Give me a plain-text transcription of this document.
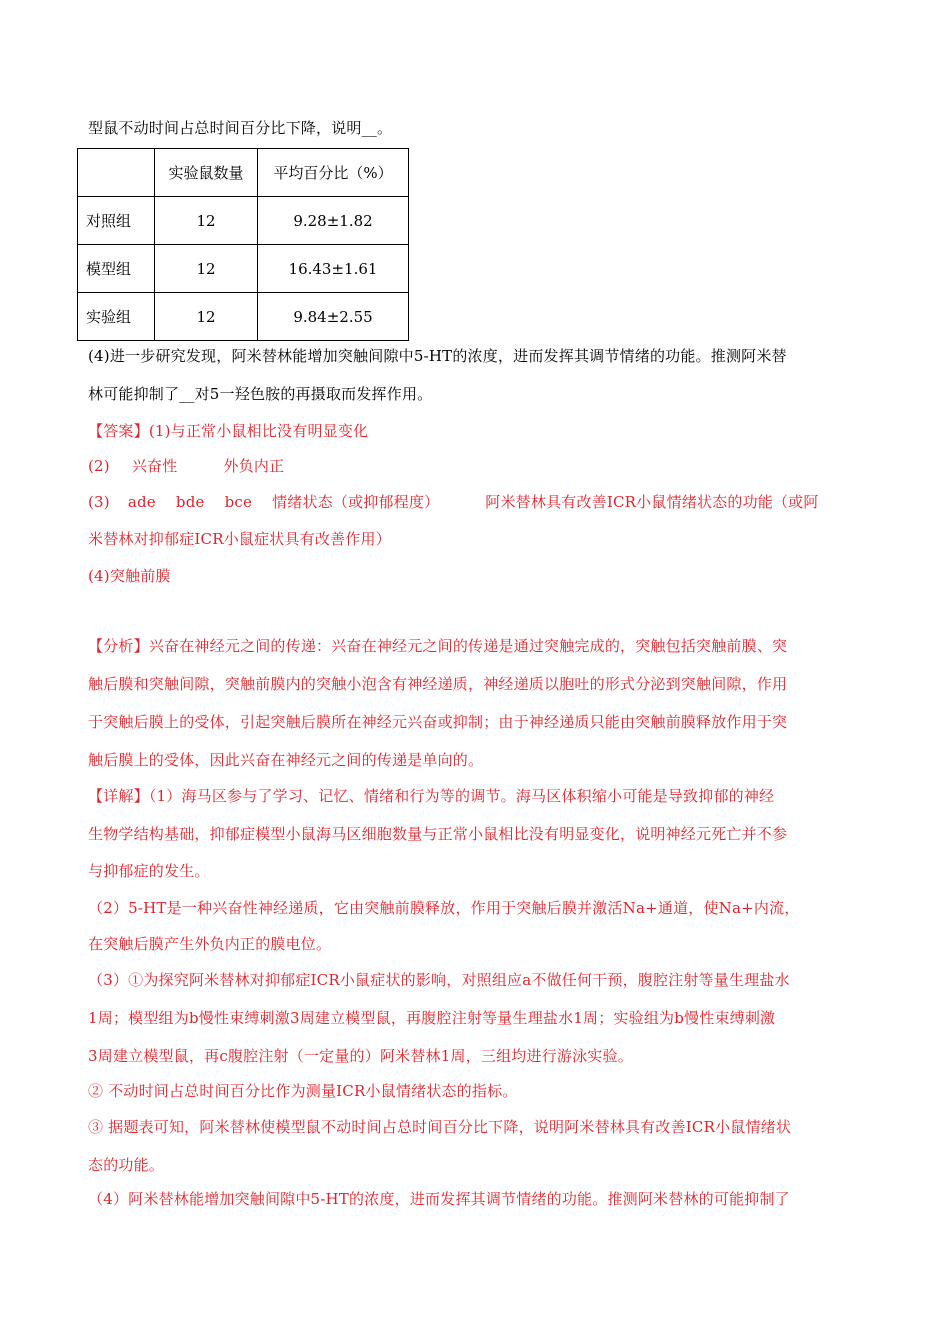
型鼠不动时间占总时间百分比下降，说明__。
	实验鼠数量	平均百分比（%）
对照组	12	9.28±1.82
模型组	12	16.43±1.61
实验组	12	9.84±2.55
(4)进一步研究发现，阿米替林能增加突触间隙中5-HT的浓度，进而发挥其调节情绪的功能。推测阿米替
林可能抑制了__对5一羟色胺的再摄取而发挥作用。
【答案】(1)与正常小鼠相比没有明显变化
(2) 兴奋性	外负内正
(3) ade bde bce 情绪状态（或抑郁程度）	阿米替林具有改善ICR小鼠情绪状态的功能（或阿
米替林对抑郁症ICR小鼠症状具有改善作用）
(4)突触前膜
【分析】兴奋在神经元之间的传递：兴奋在神经元之间的传递是通过突触完成的，突触包括突触前膜、突
触后膜和突触间隙，突触前膜内的突触小泡含有神经递质，神经递质以胞吐的形式分泌到突触间隙，作用
于突触后膜上的受体，引起突触后膜所在神经元兴奋或抑制；由于神经递质只能由突触前膜释放作用于突
触后膜上的受体，因此兴奋在神经元之间的传递是单向的。
【详解】（1）海马区参与了学习、记忆、情绪和行为等的调节。海马区体积缩小可能是导致抑郁的神经
生物学结构基础，抑郁症模型小鼠海马区细胞数量与正常小鼠相比没有明显变化，说明神经元死亡并不参
与抑郁症的发生。
（2）5-HT是一种兴奋性神经递质，它由突触前膜释放，作用于突触后膜并激活Na+通道，使Na+内流，
在突触后膜产生外负内正的膜电位。
（3）①为探究阿米替林对抑郁症ICR小鼠症状的影响，对照组应a不做任何干预，腹腔注射等量生理盐水
1周；模型组为b慢性束缚刺激3周建立模型鼠，再腹腔注射等量生理盐水1周；实验组为b慢性束缚刺激
3周建立模型鼠，再c腹腔注射（一定量的）阿米替林1周，三组均进行游泳实验。
② 不动时间占总时间百分比作为测量ICR小鼠情绪状态的指标。
③ 据题表可知，阿米替林使模型鼠不动时间占总时间百分比下降，说明阿米替林具有改善ICR小鼠情绪状
态的功能。
（4）阿米替林能增加突触间隙中5-HT的浓度，进而发挥其调节情绪的功能。推测阿米替林的可能抑制了
